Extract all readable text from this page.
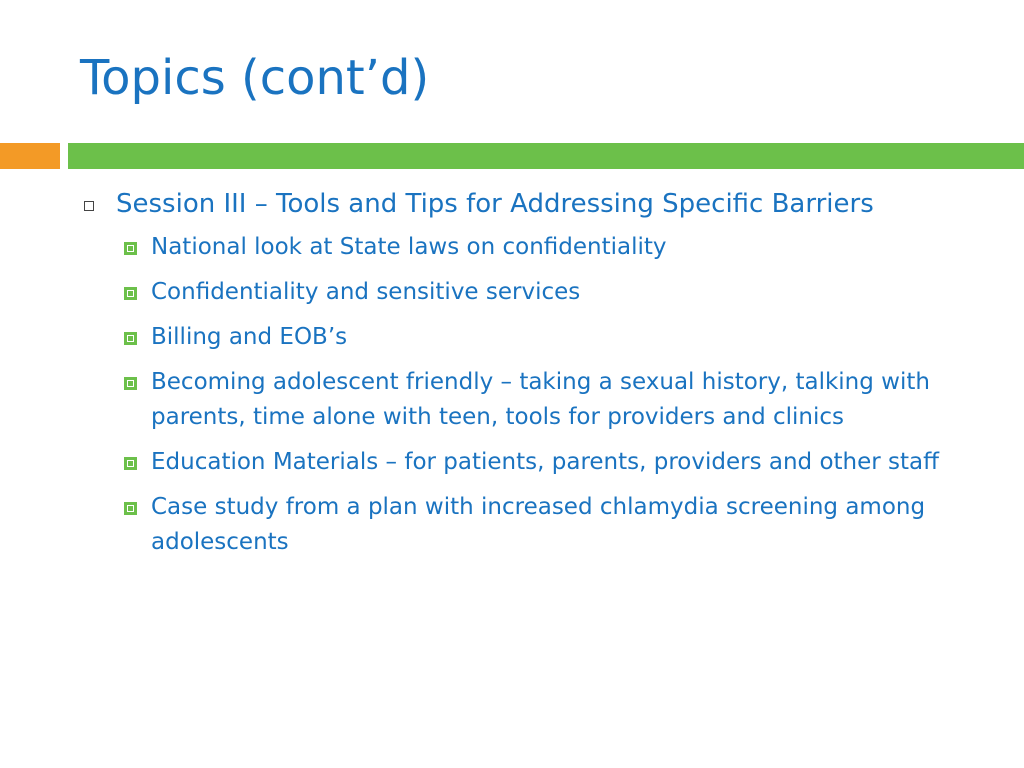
Topics (cont’d)
Session III – Tools and Tips for Addressing Specific Barriers
National look at State laws on confidentiality
Confidentiality and sensitive services
Billing and EOB’s
Becoming adolescent friendly – taking a sexual history, talking with parents, time alone with teen, tools for providers and clinics
Education Materials – for patients, parents, providers and other staff
Case study from a plan with increased chlamydia screening among adolescents
